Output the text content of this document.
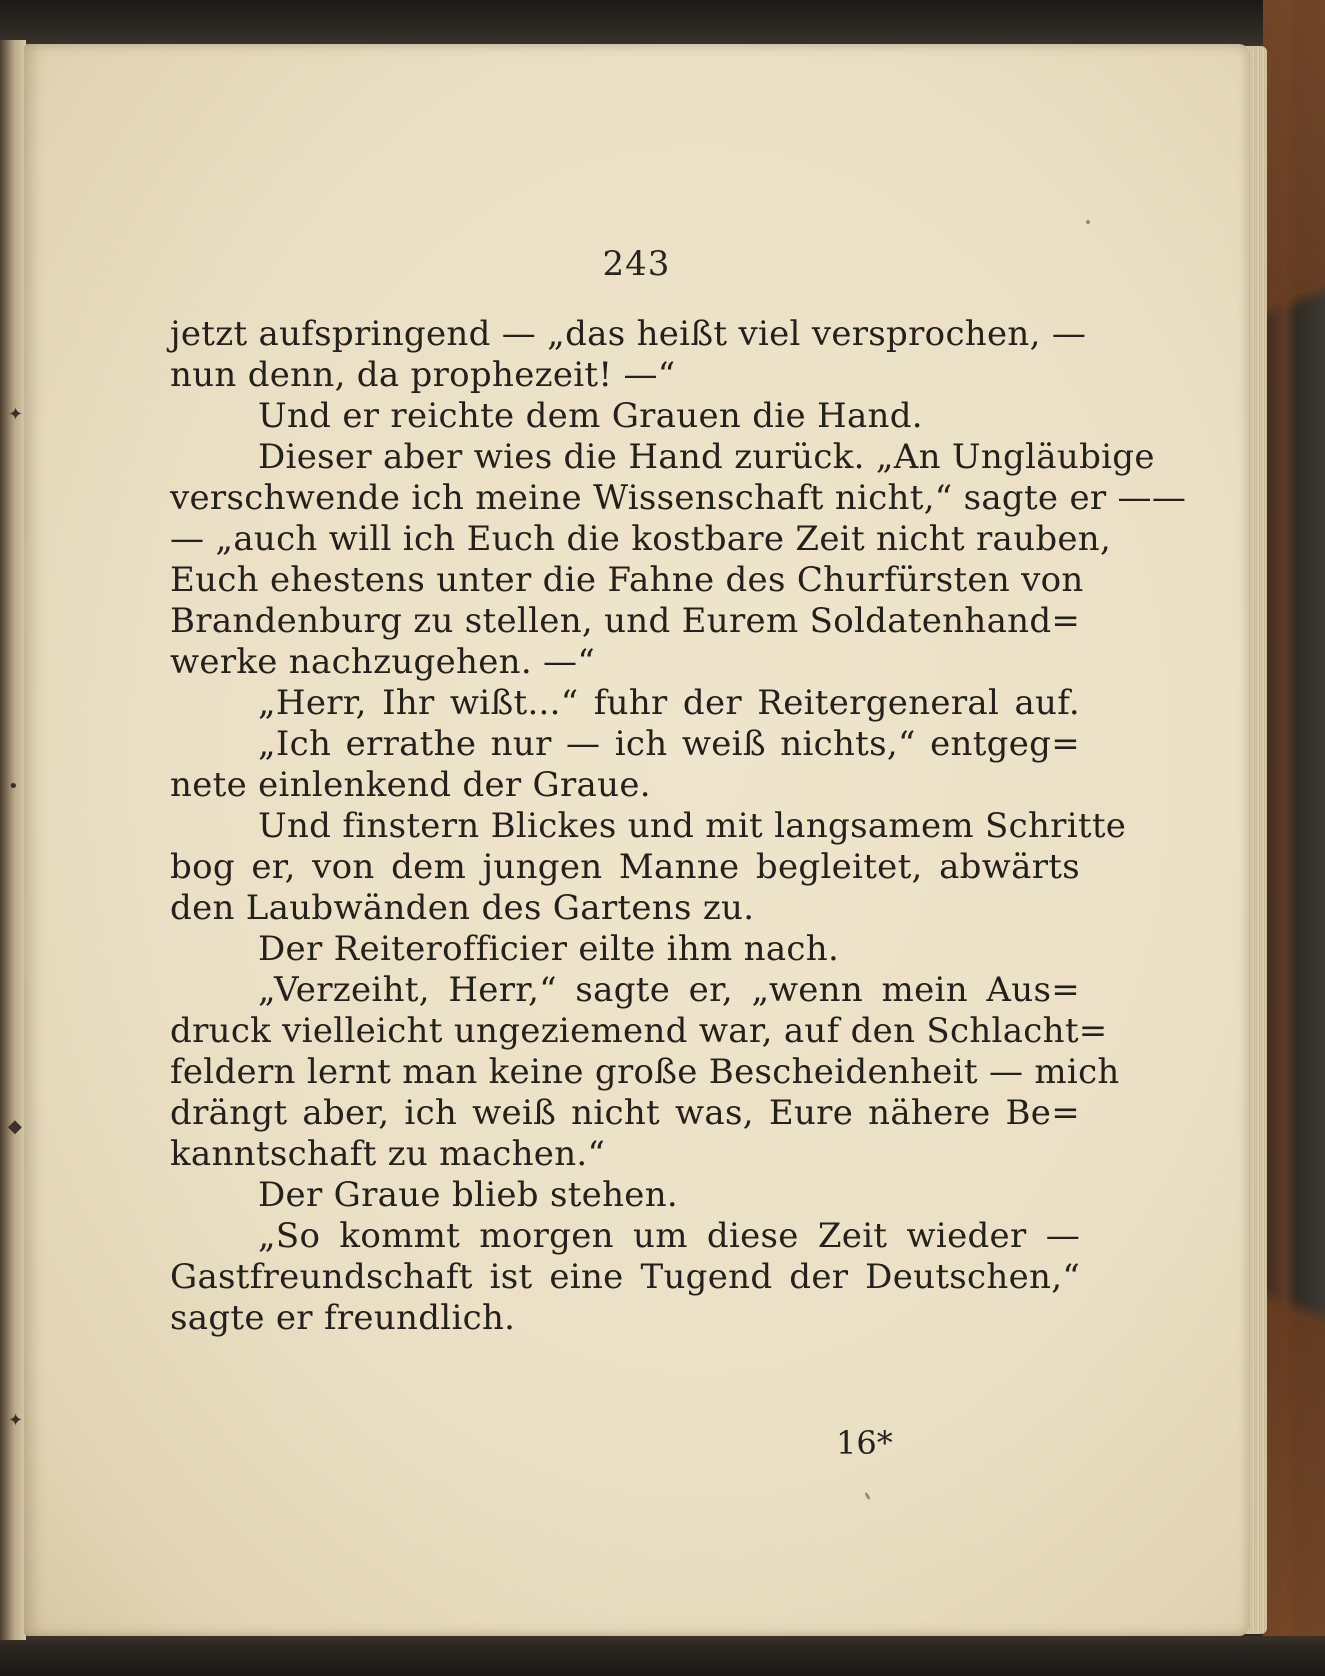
243
jetzt aufspringend — „das heißt viel versprochen, —
nun denn, da prophezeit! —“
Und er reichte dem Grauen die Hand.
Dieser aber wies die Hand zurück. „An Ungläubige
verschwende ich meine Wissenschaft nicht,“ sagte er ——
— „auch will ich Euch die kostbare Zeit nicht rauben,
Euch ehestens unter die Fahne des Churfürsten von
Brandenburg zu stellen, und Eurem Soldatenhand=
werke nachzugehen. —“
„Herr, Ihr wißt...“ fuhr der Reitergeneral auf.
„Ich errathe nur — ich weiß nichts,“ entgeg=
nete einlenkend der Graue.
Und finstern Blickes und mit langsamem Schritte
bog er, von dem jungen Manne begleitet, abwärts
den Laubwänden des Gartens zu.
Der Reiterofficier eilte ihm nach.
„Verzeiht, Herr,“ sagte er, „wenn mein Aus=
druck vielleicht ungeziemend war, auf den Schlacht=
feldern lernt man keine große Bescheidenheit — mich
drängt aber, ich weiß nicht was, Eure nähere Be=
kanntschaft zu machen.“
Der Graue blieb stehen.
„So kommt morgen um diese Zeit wieder —
Gastfreundschaft ist eine Tugend der Deutschen,“
sagte er freundlich.
16*
✦
•
◆
✦
